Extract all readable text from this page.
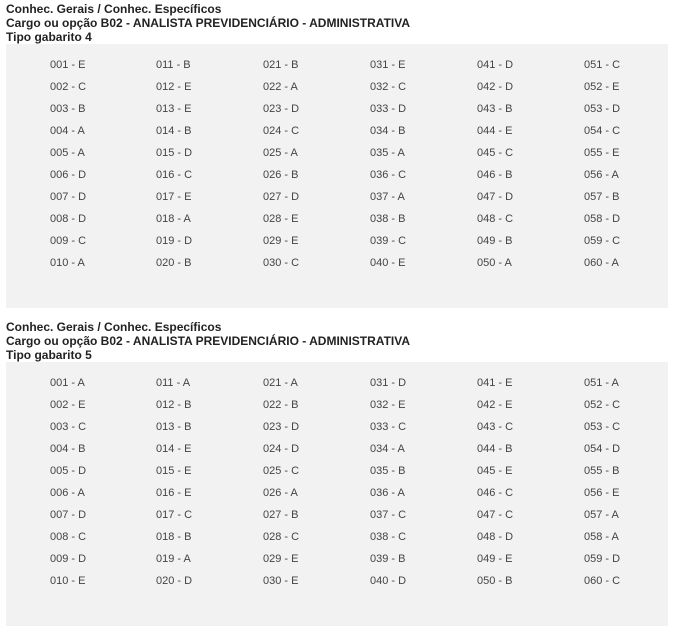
Conhec. Gerais / Conhec. Específicos
Cargo ou opção B02 - ANALISTA PREVIDENCIÁRIO - ADMINISTRATIVA
Tipo gabarito 4
001 - E
002 - C
003 - B
004 - A
005 - A
006 - D
007 - D
008 - D
009 - C
010 - A
011 - B
012 - E
013 - E
014 - B
015 - D
016 - C
017 - E
018 - A
019 - D
020 - B
021 - B
022 - A
023 - D
024 - C
025 - A
026 - B
027 - D
028 - E
029 - E
030 - C
031 - E
032 - C
033 - D
034 - B
035 - A
036 - C
037 - A
038 - B
039 - C
040 - E
041 - D
042 - D
043 - B
044 - E
045 - C
046 - B
047 - D
048 - C
049 - B
050 - A
051 - C
052 - E
053 - D
054 - C
055 - E
056 - A
057 - B
058 - D
059 - C
060 - A
Conhec. Gerais / Conhec. Específicos
Cargo ou opção B02 - ANALISTA PREVIDENCIÁRIO - ADMINISTRATIVA
Tipo gabarito 5
001 - A
002 - E
003 - C
004 - B
005 - D
006 - A
007 - D
008 - C
009 - D
010 - E
011 - A
012 - B
013 - B
014 - E
015 - E
016 - E
017 - C
018 - B
019 - A
020 - D
021 - A
022 - B
023 - D
024 - D
025 - C
026 - A
027 - B
028 - C
029 - E
030 - E
031 - D
032 - E
033 - C
034 - A
035 - B
036 - A
037 - C
038 - C
039 - B
040 - D
041 - E
042 - E
043 - C
044 - B
045 - E
046 - C
047 - C
048 - D
049 - E
050 - B
051 - A
052 - C
053 - C
054 - D
055 - B
056 - E
057 - A
058 - A
059 - D
060 - C
